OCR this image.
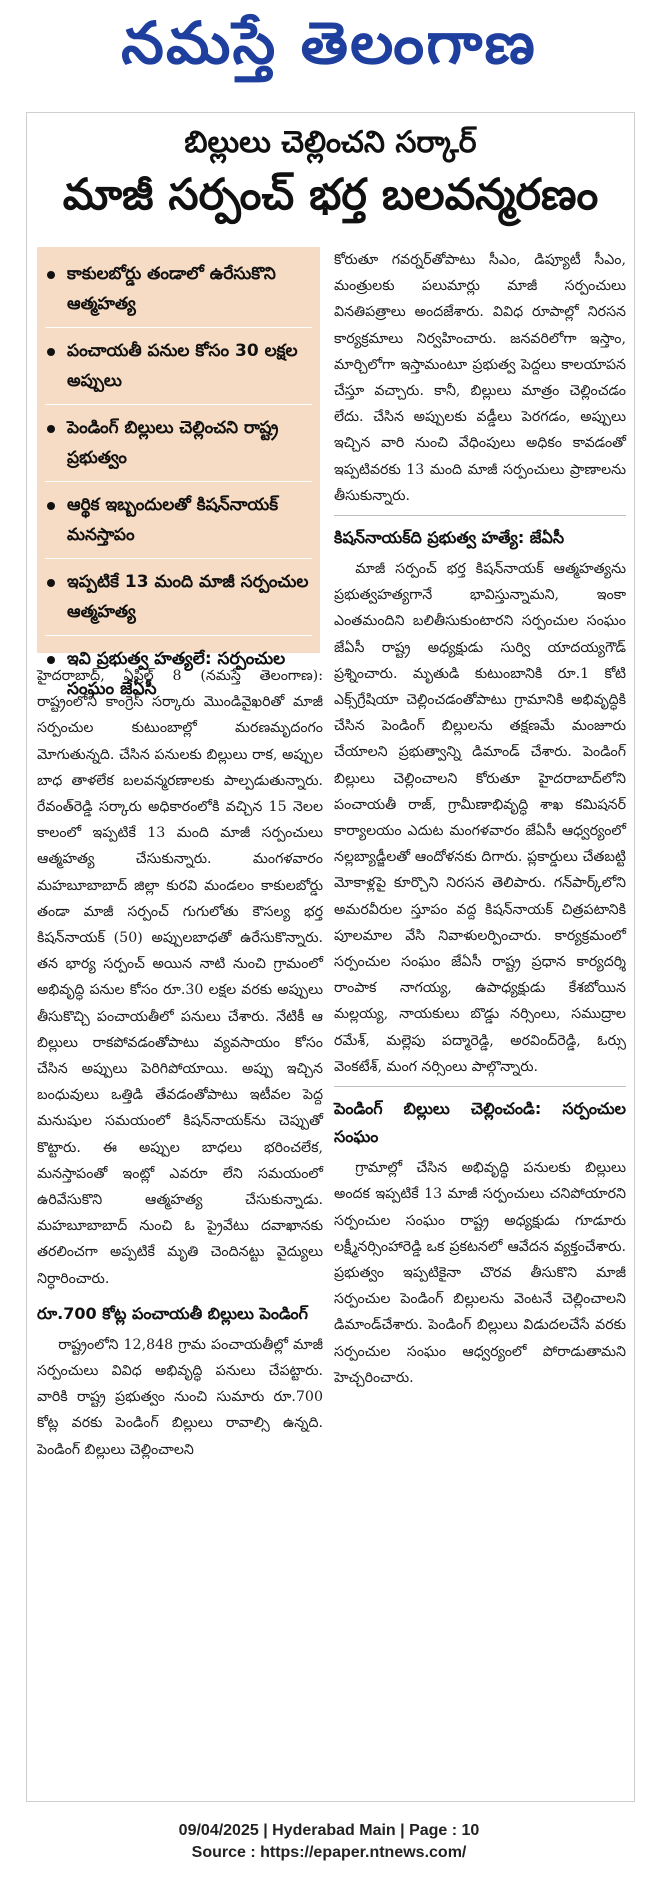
నమస్తే తెలంగాణ
బిల్లులు చెల్లించని సర్కార్
మాజీ సర్పంచ్ భర్త బలవన్మరణం
కాకులబోర్డు తండాలో ఉరేసుకొని ఆత్మహత్య
పంచాయతీ పనుల కోసం 30 లక్షల అప్పులు
పెండింగ్ బిల్లులు చెల్లించని రాష్ట్ర ప్రభుత్వం
ఆర్థిక ఇబ్బందులతో కిషన్‌నాయక్ మనస్తాపం
ఇప్పటికే 13 మంది మాజీ సర్పంచుల ఆత్మహత్య
ఇవి ప్రభుత్వ హత్యలే: సర్పంచుల సంఘం జేఏసీ

హైదరాబాద్, ఏప్రిల్ 8 (నమస్తే తెలంగాణ): రాష్ట్రంలోని కాంగ్రెస్ సర్కారు మొండివైఖరితో మాజీ సర్పంచుల కుటుంబాల్లో మరణమృదంగం మోగుతున్నది. చేసిన పనులకు బిల్లులు రాక, అప్పుల బాధ తాళలేక బలవన్మరణాలకు పాల్పడుతున్నారు. రేవంత్‌రెడ్డి సర్కారు అధికారంలోకి వచ్చిన 15 నెలల కాలంలో ఇప్పటికే 13 మంది మాజీ సర్పంచులు ఆత్మహత్య చేసుకున్నారు. మంగళవారం మహబూబాబాద్ జిల్లా కురవి మండలం కాకులబోర్డు తండా మాజీ సర్పంచ్ గుగులోతు కౌసల్య భర్త కిషన్‌నాయక్ (50) అప్పులబాధతో ఉరేసుకొన్నారు. తన భార్య సర్పంచ్ అయిన నాటి నుంచి గ్రామంలో అభివృద్ధి పనుల కోసం రూ.30 లక్షల వరకు అప్పులు తీసుకొచ్చి పంచాయతీలో పనులు చేశారు. నేటికీ ఆ బిల్లులు రాకపోవడంతోపాటు వ్యవసాయం కోసం చేసిన అప్పులు పెరిగిపోయాయి. అప్పు ఇచ్చిన బంధువులు ఒత్తిడి తేవడంతోపాటు ఇటీవల పెద్ద మనుషుల సమయంలో కిషన్‌నాయక్‌ను చెప్పుతో కొట్టారు. ఈ అప్పుల బాధలు భరించలేక, మనస్తాపంతో ఇంట్లో ఎవరూ లేని సమయంలో ఉరివేసుకొని ఆత్మహత్య చేసుకున్నాడు. మహబూబాబాద్ నుంచి ఓ ప్రైవేటు దవాఖానకు తరలించగా అప్పటికే మృతి చెందినట్టు వైద్యులు నిర్ధారించారు.

రూ.700 కోట్ల పంచాయతీ బిల్లులు పెండింగ్

రాష్ట్రంలోని 12,848 గ్రామ పంచాయతీల్లో మాజీ సర్పంచులు వివిధ అభివృద్ధి పనులు చేపట్టారు. వారికి రాష్ట్ర ప్రభుత్వం నుంచి సుమారు రూ.700 కోట్ల వరకు పెండింగ్ బిల్లులు రావాల్సి ఉన్నది. పెండింగ్ బిల్లులు చెల్లించాలని

కోరుతూ గవర్నర్‌తోపాటు సీఎం, డిప్యూటీ సీఎం, మంత్రులకు పలుమార్లు మాజీ సర్పంచులు వినతిపత్రాలు అందజేశారు. వివిధ రూపాల్లో నిరసన కార్యక్రమాలు నిర్వహించారు. జనవరిలోగా ఇస్తాం, మార్చిలోగా ఇస్తామంటూ ప్రభుత్వ పెద్దలు కాలయాపన చేస్తూ వచ్చారు. కానీ, బిల్లులు మాత్రం చెల్లించడం లేదు. చేసిన అప్పులకు వడ్డీలు పెరగడం, అప్పులు ఇచ్చిన వారి నుంచి వేధింపులు అధికం కావడంతో ఇప్పటివరకు 13 మంది మాజీ సర్పంచులు ప్రాణాలను తీసుకున్నారు.

కిషన్‌నాయక్‌ది ప్రభుత్వ హత్యే: జేఏసీ

మాజీ సర్పంచ్ భర్త కిషన్‌నాయక్ ఆత్మహత్యను ప్రభుత్వహత్యగానే భావిస్తున్నామని, ఇంకా ఎంతమందిని బలితీసుకుంటారని సర్పంచుల సంఘం జేఏసీ రాష్ట్ర అధ్యక్షుడు సుర్వి యాదయ్యగౌడ్ ప్రశ్నించారు. మృతుడి కుటుంబానికి రూ.1 కోటి ఎక్స్‌గ్రేషియా చెల్లించడంతోపాటు గ్రామానికి అభివృద్ధికి చేసిన పెండింగ్ బిల్లులను తక్షణమే మంజూరు చేయాలని ప్రభుత్వాన్ని డిమాండ్ చేశారు. పెండింగ్ బిల్లులు చెల్లించాలని కోరుతూ హైదరాబాద్‌లోని పంచాయతీ రాజ్, గ్రామీణాభివృద్ధి శాఖ కమిషనర్ కార్యాలయం ఎదుట మంగళవారం జేఏసీ ఆధ్వర్యంలో నల్లబ్యాడ్జీలతో ఆందోళనకు దిగారు. ప్లకార్డులు చేతబట్టి మోకాళ్లపై కూర్చొని నిరసన తెలిపారు. గన్‌పార్క్‌లోని అమరవీరుల స్తూపం వద్ద కిషన్‌నాయక్ చిత్రపటానికి పూలమాల వేసి నివాళులర్పించారు. కార్యక్రమంలో సర్పంచుల సంఘం జేఏసీ రాష్ట్ర ప్రధాన కార్యదర్శి రాంపాక నాగయ్య, ఉపాధ్యక్షుడు కేశబోయిన మల్లయ్య, నాయకులు బొడ్డు నర్సింలు, సముద్రాల రమేశ్, మల్లెపు పద్మారెడ్డి, అరవింద్‌రెడ్డి, ఓర్సు వెంకటేశ్, మంగ నర్సింలు పాల్గొన్నారు.

పెండింగ్ బిల్లులు చెల్లించండి: సర్పంచుల సంఘం

గ్రామాల్లో చేసిన అభివృద్ధి పనులకు బిల్లులు అందక ఇప్పటికే 13 మాజీ సర్పంచులు చనిపోయారని సర్పంచుల సంఘం రాష్ట్ర అధ్యక్షుడు గూడూరు లక్ష్మీనర్సింహారెడ్డి ఒక ప్రకటనలో ఆవేదన వ్యక్తంచేశారు. ప్రభుత్వం ఇప్పటికైనా చొరవ తీసుకొని మాజీ సర్పంచుల పెండింగ్ బిల్లులను వెంటనే చెల్లించాలని డిమాండ్‌చేశారు. పెండింగ్ బిల్లులు విడుదలచేసే వరకు సర్పంచుల సంఘం ఆధ్వర్యంలో పోరాడుతామని హెచ్చరించారు.

09/04/2025 | Hyderabad Main | Page : 10
Source : https://epaper.ntnews.com/
